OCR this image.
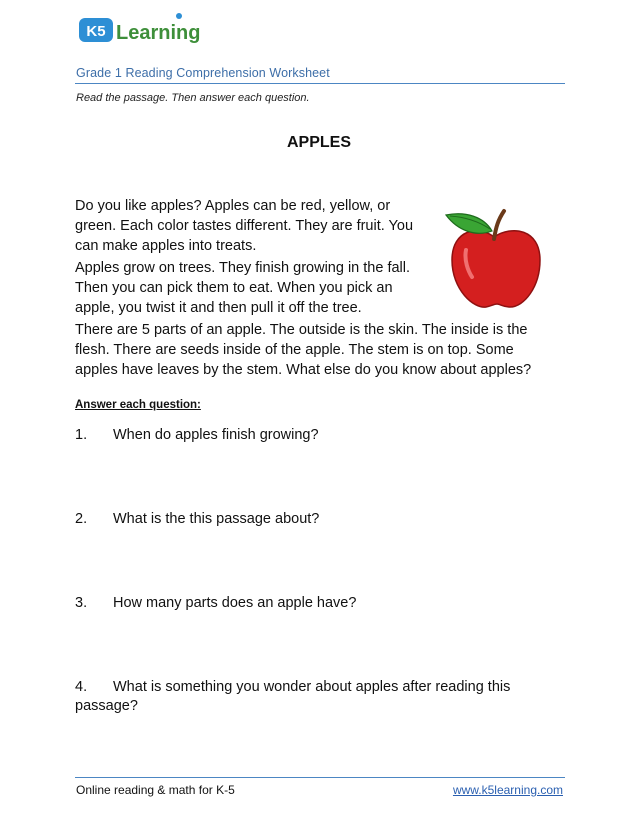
K5 Learning
Grade 1 Reading Comprehension Worksheet
Read the passage. Then answer each question.
APPLES
Do you like apples? Apples can be red, yellow, or green. Each color tastes different. They are fruit. You can make apples into treats.
Apples grow on trees. They finish growing in the fall. Then you can pick them to eat. When you pick an apple, you twist it and then pull it off the tree.
There are 5 parts of an apple. The outside is the skin. The inside is the flesh. There are seeds inside of the apple. The stem is on top. Some apples have leaves by the stem. What else do you know about apples?
Answer each question:
1. When do apples finish growing?
2. What is the this passage about?
3. How many parts does an apple have?
4. What is something you wonder about apples after reading this passage?
Online reading & math for K-5	www.k5learning.com
